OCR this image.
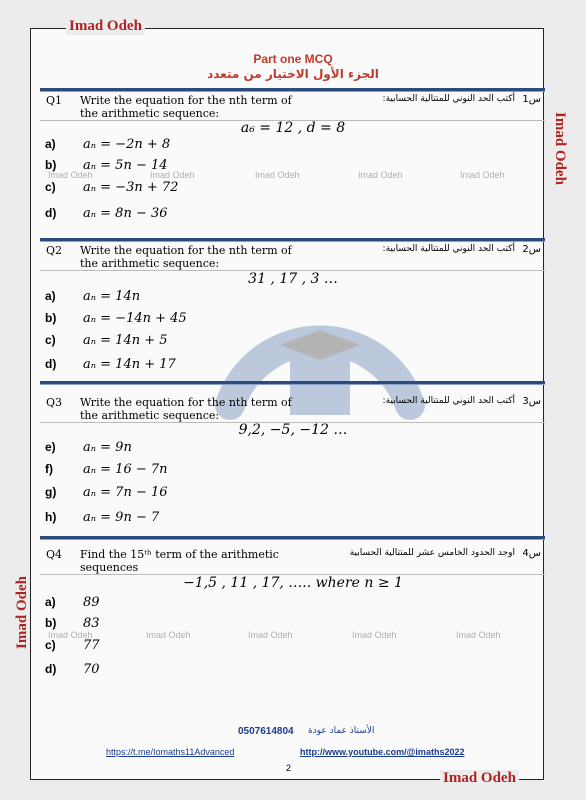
Imad Odeh
Imad Odeh
Imad Odeh
Imad Odeh
Part one MCQ
الجزء الأول الاختيار من متعدد
Q1 Write the equation for the nth term of the arithmetic sequence:
أكتب الحد النوني للمتتالية الحسابية: س1
a₆ = 12 , d = 8
a) aₙ = −2n + 8
b) aₙ = 5n − 14
c) aₙ = −3n + 72
d) aₙ = 8n − 36
Imad Odeh	Imad Odeh	Imad Odeh	Imad Odeh	Imad Odeh
Q2 Write the equation for the nth term of the arithmetic sequence:
أكتب الحد النوني للمتتالية الحسابية: س2
31 , 17 , 3 …
a) aₙ = 14n
b) aₙ = −14n + 45
c) aₙ = 14n + 5
d) aₙ = 14n + 17
Q3 Write the equation for the nth term of the arithmetic sequence:
أكتب الحد النوني للمتتالية الحسابية: س3
9,2, −5, −12 …
e) aₙ = 9n
f) aₙ = 16 − 7n
g) aₙ = 7n − 16
h) aₙ = 9n − 7
Q4 Find the 15ᵗʰ term of the arithmetic sequences
اوجد الحدود الخامس عشر للمتتالية الحسابية س4
−1,5 , 11 , 17, ….. where n ≥ 1
a) 89
b) 83
c) 77
d) 70
Imad Odeh	Imad Odeh	Imad Odeh	Imad Odeh	Imad Odeh
0507614804 الأستاذ عماد عودة
https://t.me/Iomaths11Advanced	http://www.youtube.com/@imaths2022
2
